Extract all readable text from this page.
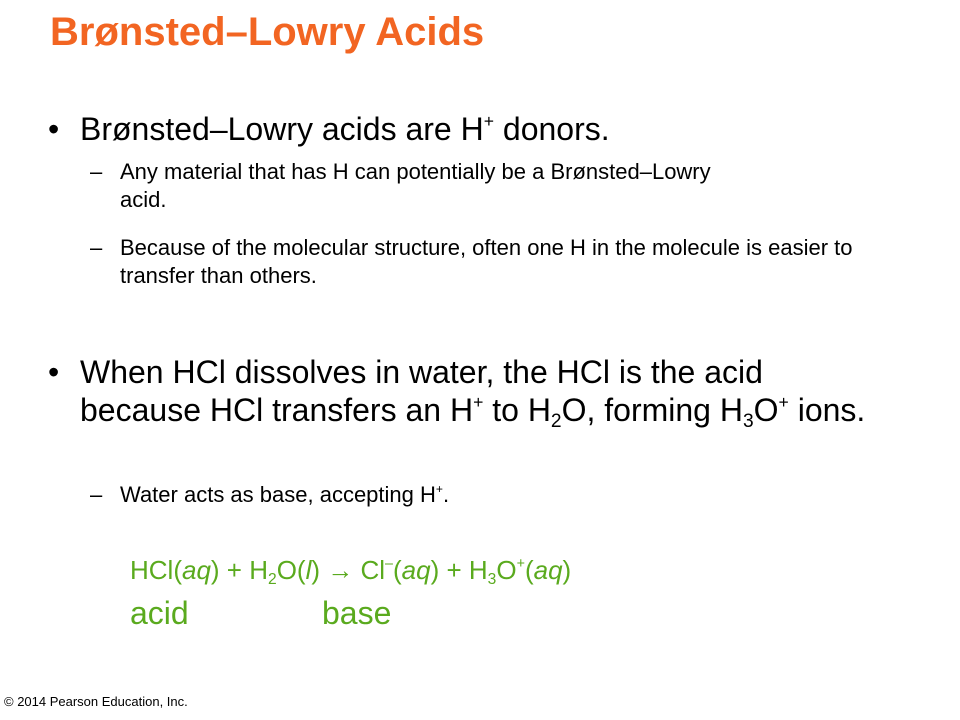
Brønsted–Lowry Acids
• Brønsted–Lowry acids are H+ donors.

– Any material that has H can potentially be a Brønsted–Lowry acid.

– Because of the molecular structure, often one H in the molecule is easier to transfer than others.

• When HCl dissolves in water, the HCl is the acid because HCl transfers an H+ to $H_2O$, forming $H_3O^+$ ions.

– Water acts as base, accepting H+.

$HCl(aq) + H_2O(l) \to Cl^-(aq) + H_3O^+(aq)$

acid	base
© 2014 Pearson Education, Inc.
